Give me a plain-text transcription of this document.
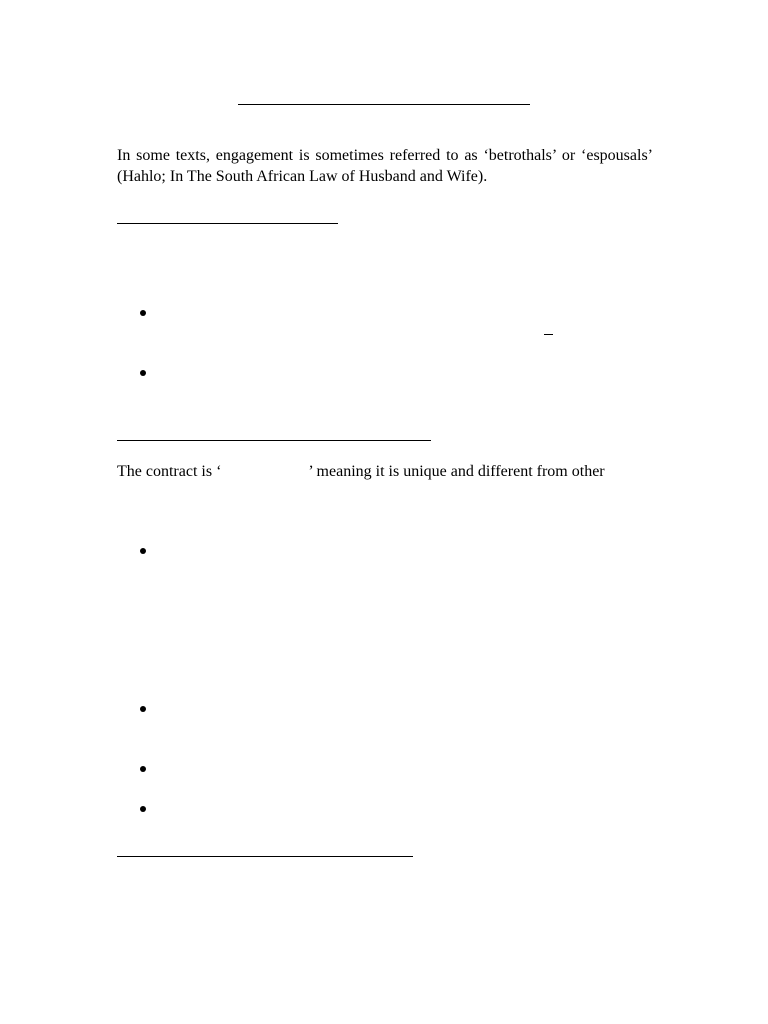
In some texts, engagement is sometimes referred to as ‘betrothals’ or ‘espousals’ (Hahlo; In The South African Law of Husband and Wife).

The contract is ‘	’ meaning it is unique and different from other
